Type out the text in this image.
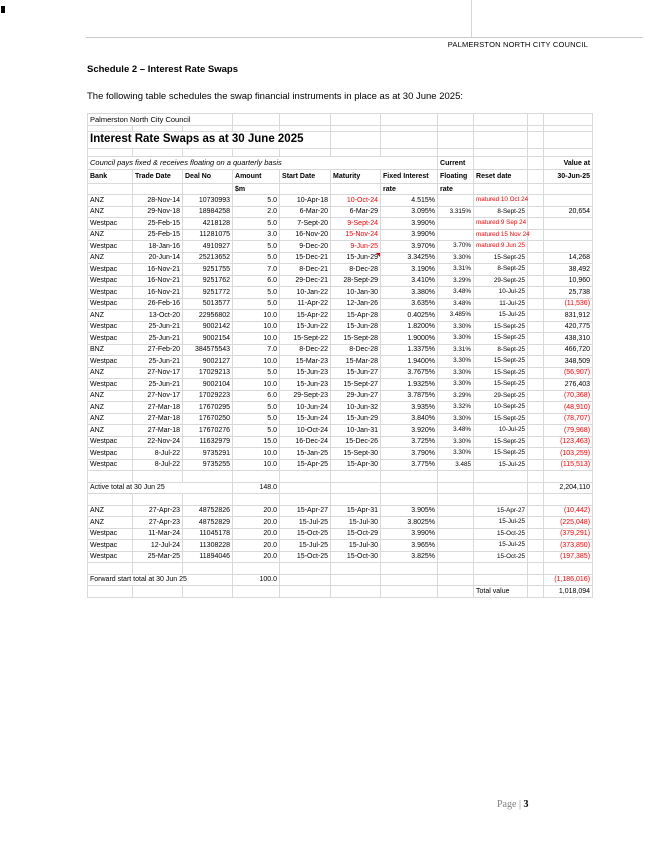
PALMERSTON NORTH CITY COUNCIL
Schedule 2 – Interest Rate Swaps
The following table schedules the swap financial instruments in place as at 30 June 2025:
Palmerston North City Council										

Interest Rate Swaps as at 30 June 2025										

Council pays fixed & receives floating on a quarterly basis							Current			Value at
Bank	Trade Date	Deal No	Amount	Start Date	Maturity	Fixed Interest	Floating	Reset date		30-Jun-25
			$m			rate	rate			
ANZ	28-Nov-14	10730993	5.0	10-Apr-18	10-Oct-24	4.515%		matured 10 Oct 24		
ANZ	29-Nov-18	18984258	2.0	6-Mar-20	6-Mar-29	3.095%	3.315%	8-Sept-25		20,654
Westpac	25-Feb-15	4218128	5.0	7-Sept-20	9-Sept-24	3.990%		matured 9 Sep 24		
ANZ	25-Feb-15	11281075	3.0	16-Nov-20	15-Nov-24	3.990%		matured 15 Nov 24		
Westpac	18-Jan-16	4910927	5.0	9-Dec-20	9-Jun-25	3.970%	3.70%	matured 9 Jun 25		
ANZ	20-Jun-14	25213652	5.0	15-Dec-21	15-Jun-29	3.3425%	3.30%	15-Sept-25		14,268
Westpac	16-Nov-21	9251755	7.0	8-Dec-21	8-Dec-28	3.190%	3.31%	8-Sept-25		38,492
Westpac	16-Nov-21	9251762	6.0	29-Dec-21	28-Sept-29	3.410%	3.29%	29-Sept-25		10,960
Westpac	16-Nov-21	9251772	5.0	10-Jan-22	10-Jan-30	3.380%	3.48%	10-Jul-25		25,738
Westpac	26-Feb-16	5013577	5.0	11-Apr-22	12-Jan-26	3.635%	3.48%	11-Jul-25		(11,536)
ANZ	13-Oct-20	22956802	10.0	15-Apr-22	15-Apr-28	0.4025%	3.485%	15-Jul-25		831,912
Westpac	25-Jun-21	9002142	10.0	15-Jun-22	15-Jun-28	1.8200%	3.30%	15-Sept-25		420,775
Westpac	25-Jun-21	9002154	10.0	15-Sept-22	15-Sept-28	1.9000%	3.30%	15-Sept-25		438,310
BNZ	27-Feb-20	384575543	7.0	8-Dec-22	8-Dec-28	1.3375%	3.31%	8-Sept-25		466,720
Westpac	25-Jun-21	9002127	10.0	15-Mar-23	15-Mar-28	1.9400%	3.30%	15-Sept-25		348,509
ANZ	27-Nov-17	17029213	5.0	15-Jun-23	15-Jun-27	3.7675%	3.30%	15-Sept-25		(56,907)
Westpac	25-Jun-21	9002104	10.0	15-Jun-23	15-Sept-27	1.9325%	3.30%	15-Sept-25		276,403
ANZ	27-Nov-17	17029223	6.0	29-Sept-23	29-Jun-27	3.7875%	3.29%	29-Sept-25		(70,368)
ANZ	27-Mar-18	17670295	5.0	10-Jun-24	10-Jun-32	3.935%	3.32%	10-Sept-25		(48,910)
ANZ	27-Mar-18	17670250	5.0	15-Jun-24	15-Jun-29	3.840%	3.30%	15-Sept-25		(78,707)
ANZ	27-Mar-18	17670276	5.0	10-Oct-24	10-Jan-31	3.920%	3.48%	10-Jul-25		(79,968)
Westpac	22-Nov-24	11632979	15.0	16-Dec-24	15-Dec-26	3.725%	3.30%	15-Sept-25		(123,463)
Westpac	8-Jul-22	9735291	10.0	15-Jan-25	15-Sept-30	3.790%	3.30%	15-Sept-25		(103,259)
Westpac	8-Jul-22	9735255	10.0	15-Apr-25	15-Apr-30	3.775%	3.485	15-Jul-25		(115,513)

Active total at 30 Jun 25			148.0							2,204,110

ANZ	27-Apr-23	48752826	20.0	15-Apr-27	15-Apr-31	3.905%		15-Apr-27		(10,442)
ANZ	27-Apr-23	48752829	20.0	15-Jul-25	15-Jul-30	3.8025%		15-Jul-25		(225,048)
Westpac	11-Mar-24	11045178	20.0	15-Oct-25	15-Oct-29	3.990%		15-Oct-25		(379,291)
Westpac	12-Jul-24	11308228	20.0	15-Jul-25	15-Jul-30	3.965%		15-Jul-25		(373,850)
Westpac	25-Mar-25	11894046	20.0	15-Oct-25	15-Oct-30	3.825%		15-Oct-25		(197,385)

Forward start total at 30 Jun 25			100.0							(1,186,016)
								Total value		1,018,094
Page | 3
